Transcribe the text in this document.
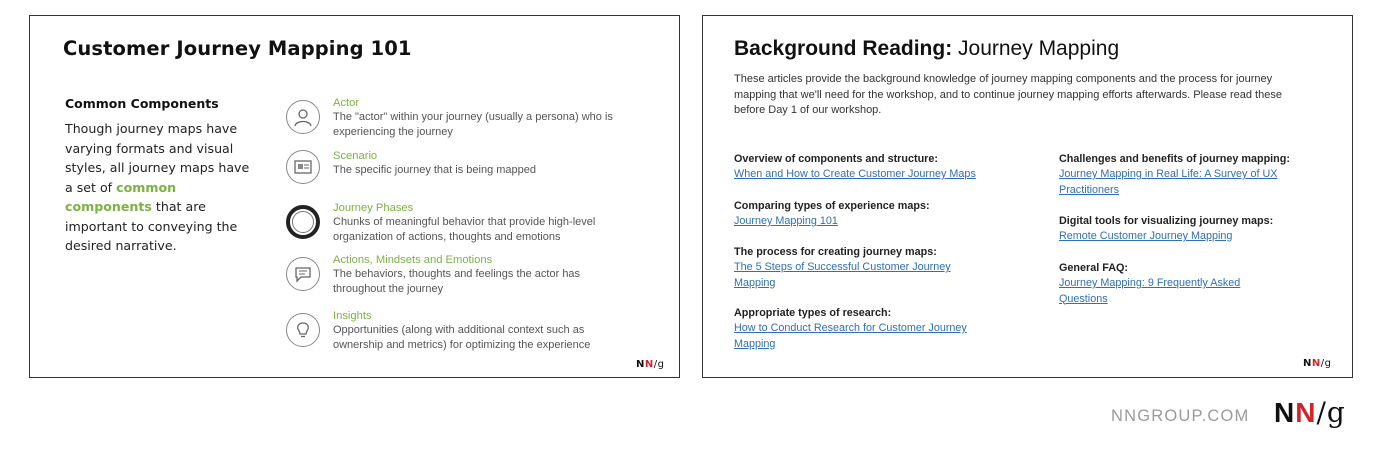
Customer Journey Mapping 101
Common Components
Though journey maps have varying formats and visual styles, all journey maps have a set of common components that are important to conveying the desired narrative.
Actor
The "actor" within your journey (usually a persona) who is experiencing the journey
Scenario
The specific journey that is being mapped
Journey Phases
Chunks of meaningful behavior that provide high-level organization of actions, thoughts and emotions
Actions, Mindsets and Emotions
The behaviors, thoughts and feelings the actor has throughout the journey
Insights
Opportunities (along with additional context such as ownership and metrics) for optimizing the experience
NN/g
Background Reading: Journey Mapping
These articles provide the background knowledge of journey mapping components and the process for journey mapping that we'll need for the workshop, and to continue journey mapping efforts afterwards. Please read these before Day 1 of our workshop.
Overview of components and structure:
When and How to Create Customer Journey Maps
Comparing types of experience maps:
Journey Mapping 101
The process for creating journey maps:
The 5 Steps of Successful Customer Journey Mapping
Appropriate types of research:
How to Conduct Research for Customer Journey Mapping
Challenges and benefits of journey mapping:
Journey Mapping in Real Life: A Survey of UX Practitioners
Digital tools for visualizing journey maps:
Remote Customer Journey Mapping
General FAQ:
Journey Mapping: 9 Frequently Asked Questions
NN/g
NNGROUP.COM NN/g
